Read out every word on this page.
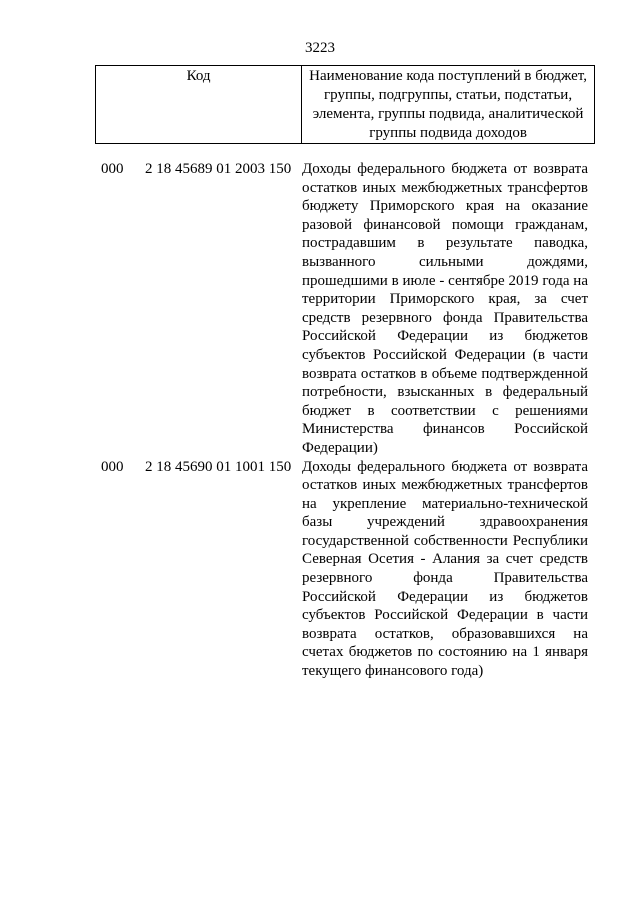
3223
Код	Наименование кода поступлений в бюджет, группы, подгруппы, статьи, подстатьи, элемента, группы подвида, аналитической группы подвида доходов
000 2 18 45689 01 2003 150 Доходы федерального бюджета от возврата остатков иных межбюджетных трансфертов бюджету Приморского края на оказание разовой финансовой помощи гражданам, пострадавшим в результате паводка, вызванного сильными дождями, прошедшими в июле - сентябре 2019 года на территории Приморского края, за счет средств резервного фонда Правительства Российской Федерации из бюджетов субъектов Российской Федерации (в части возврата остатков в объеме подтвержденной потребности, взысканных в федеральный бюджет в соответствии с решениями Министерства финансов Российской Федерации)
000 2 18 45690 01 1001 150 Доходы федерального бюджета от возврата остатков иных межбюджетных трансфертов на укрепление материально-технической базы учреждений здравоохранения государственной собственности Республики Северная Осетия - Алания за счет средств резервного фонда Правительства Российской Федерации из бюджетов субъектов Российской Федерации в части возврата остатков, образовавшихся на счетах бюджетов по состоянию на 1 января текущего финансового года)
